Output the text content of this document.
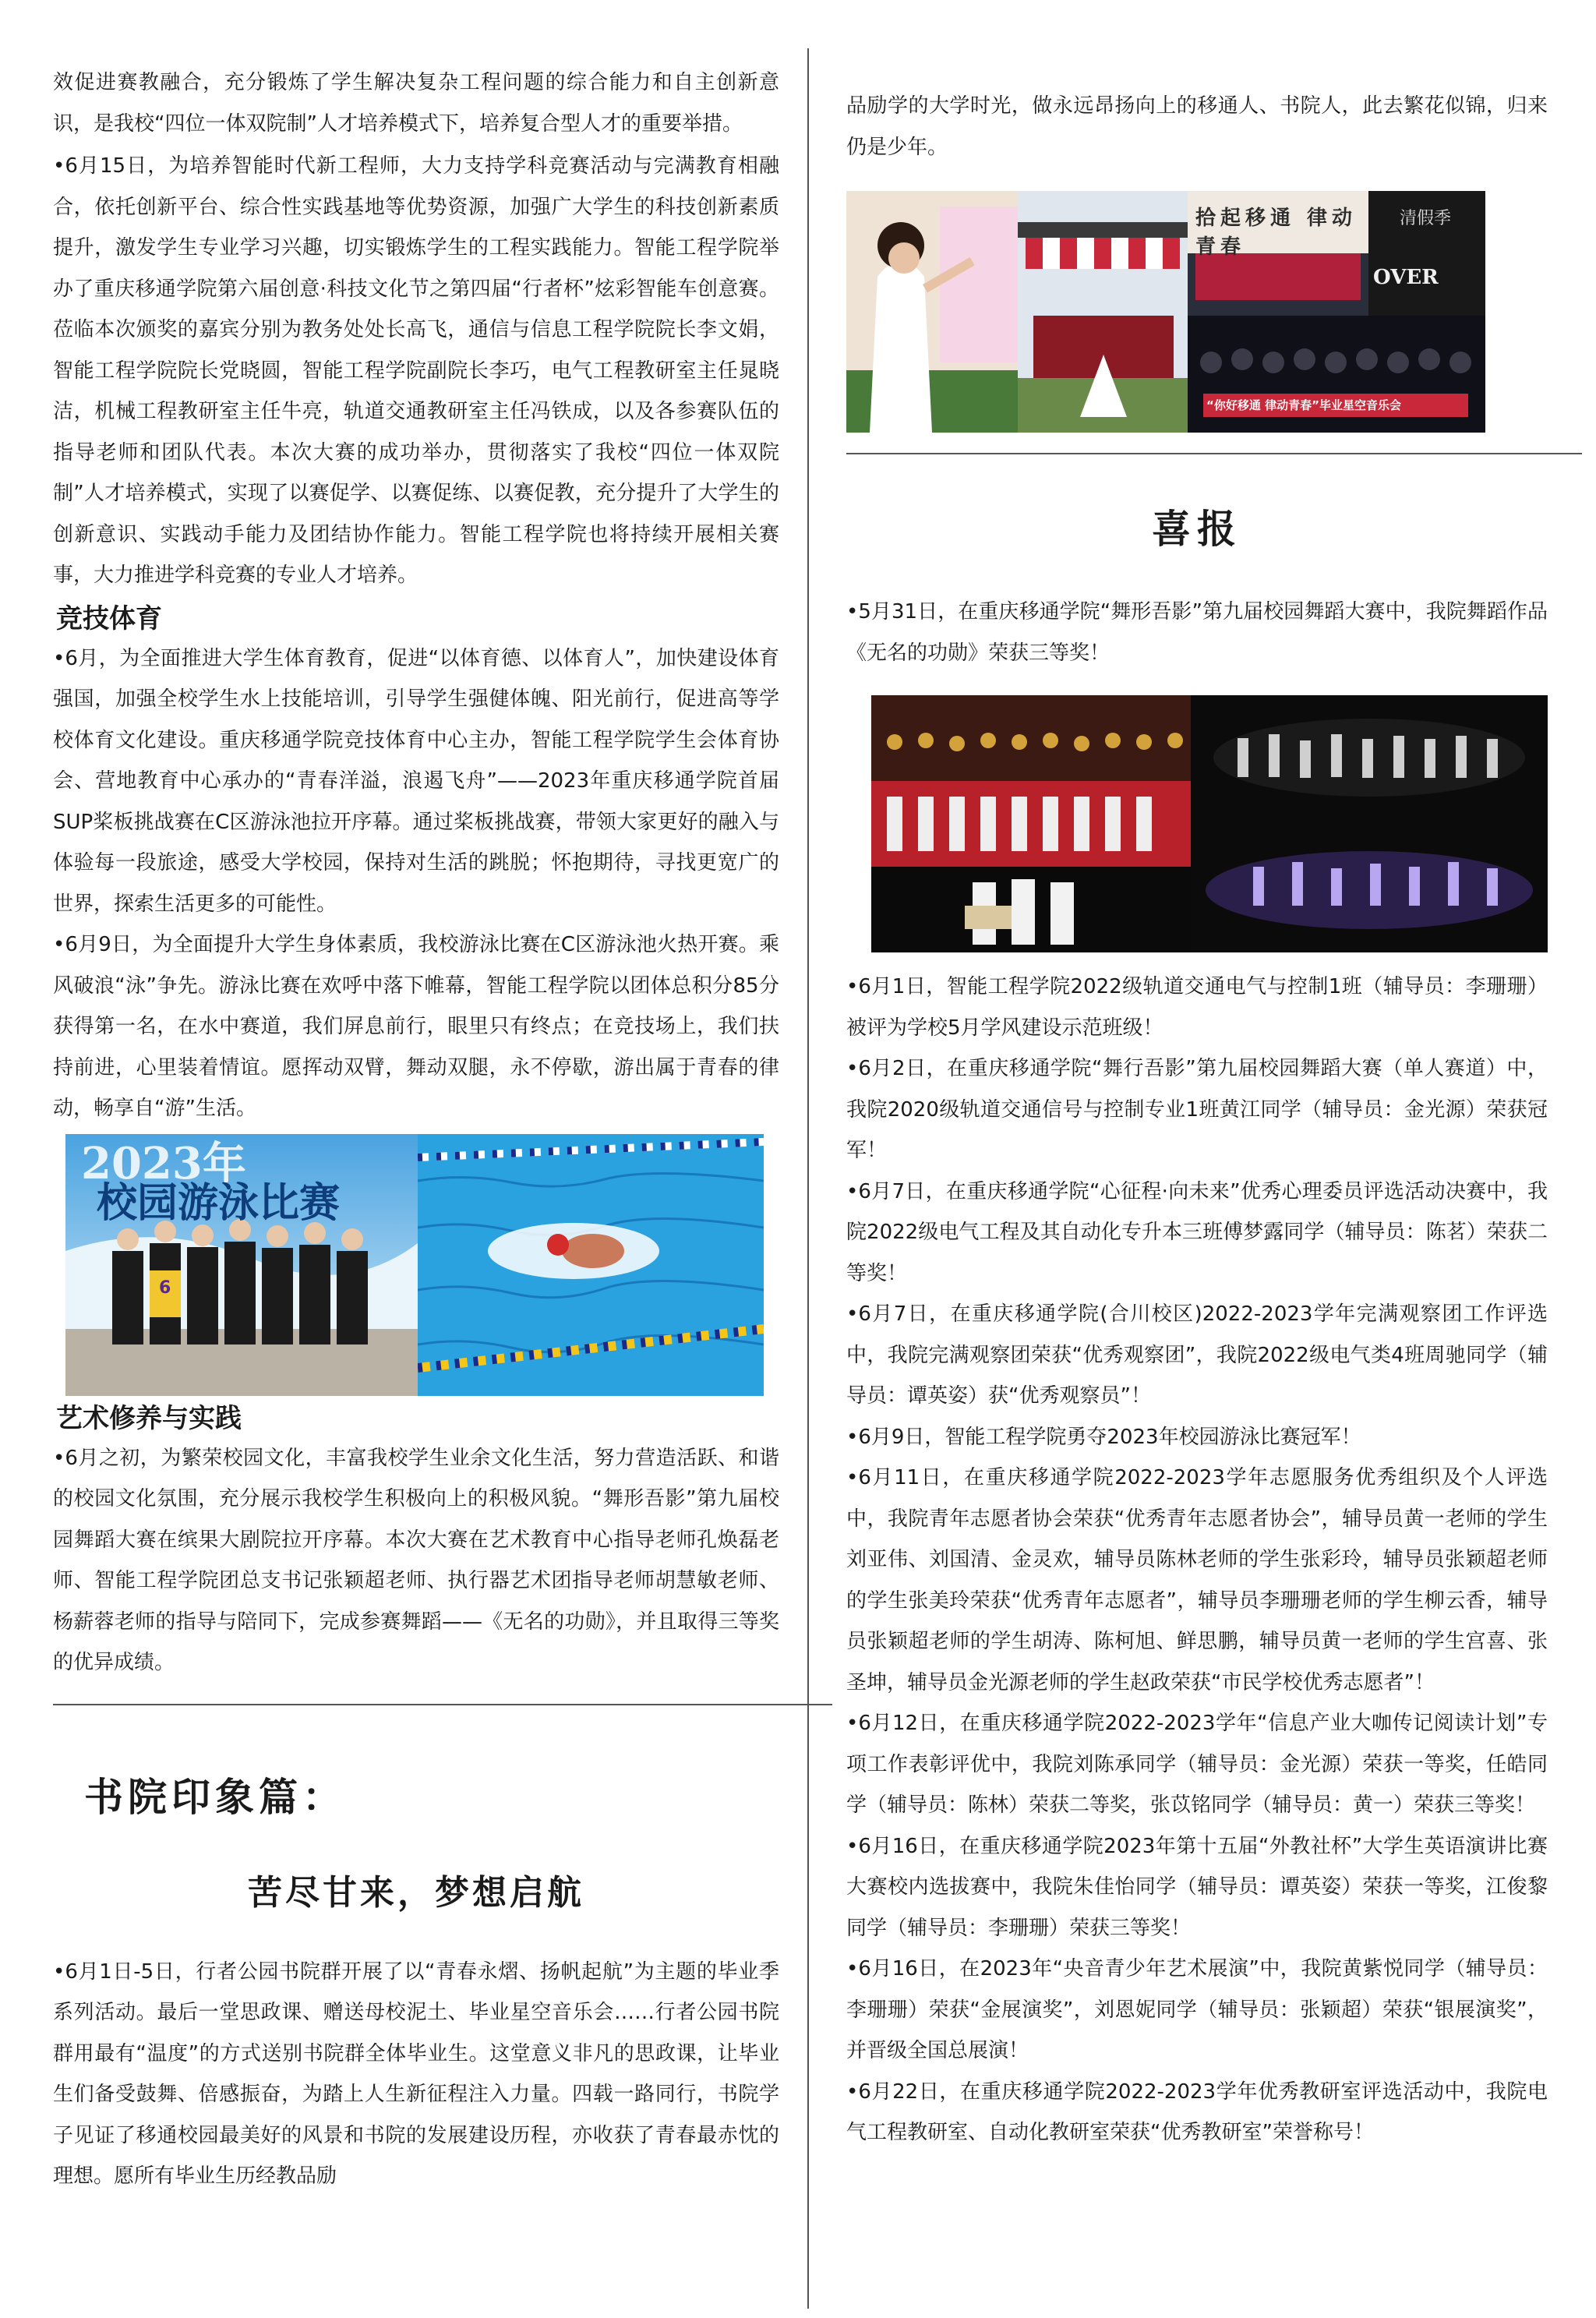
效促进赛教融合，充分锻炼了学生解决复杂工程问题的综合能力和自主创新意识，是我校“四位一体双院制”人才培养模式下，培养复合型人才的重要举措。

•6月15日，为培养智能时代新工程师，大力支持学科竞赛活动与完满教育相融合，依托创新平台、综合性实践基地等优势资源，加强广大学生的科技创新素质提升，激发学生专业学习兴趣，切实锻炼学生的工程实践能力。智能工程学院举办了重庆移通学院第六届创意·科技文化节之第四届“行者杯”炫彩智能车创意赛。莅临本次颁奖的嘉宾分别为教务处处长高飞，通信与信息工程学院院长李文娟，智能工程学院院长党晓圆，智能工程学院副院长李巧，电气工程教研室主任晁晓洁，机械工程教研室主任牛亮，轨道交通教研室主任冯铁成，以及各参赛队伍的指导老师和团队代表。本次大赛的成功举办，贯彻落实了我校“四位一体双院制”人才培养模式，实现了以赛促学、以赛促练、以赛促教，充分提升了大学生的创新意识、实践动手能力及团结协作能力。智能工程学院也将持续开展相关赛事，大力推进学科竞赛的专业人才培养。

竞技体育

•6月，为全面推进大学生体育教育，促进“以体育德、以体育人”，加快建设体育强国，加强全校学生水上技能培训，引导学生强健体魄、阳光前行，促进高等学校体育文化建设。重庆移通学院竞技体育中心主办，智能工程学院学生会体育协会、营地教育中心承办的“青春洋溢，浪遏飞舟”——2023年重庆移通学院首届SUP桨板挑战赛在C区游泳池拉开序幕。通过桨板挑战赛，带领大家更好的融入与体验每一段旅途，感受大学校园，保持对生活的跳脱；怀抱期待，寻找更宽广的世界，探索生活更多的可能性。

•6月9日，为全面提升大学生身体素质，我校游泳比赛在C区游泳池火热开赛。乘风破浪“泳”争先。游泳比赛在欢呼中落下帷幕，智能工程学院以团体总积分85分获得第一名，在水中赛道，我们屏息前行，眼里只有终点；在竞技场上，我们扶持前进，心里装着情谊。愿挥动双臂，舞动双腿，永不停歇，游出属于青春的律动，畅享自“游”生活。

2023年
校园游泳比赛
6
艺术修养与实践

•6月之初，为繁荣校园文化，丰富我校学生业余文化生活，努力营造活跃、和谐的校园文化氛围，充分展示我校学生积极向上的积极风貌。“舞形吾影”第九届校园舞蹈大赛在缤果大剧院拉开序幕。本次大赛在艺术教育中心指导老师孔焕磊老师、智能工程学院团总支书记张颖超老师、执行器艺术团指导老师胡慧敏老师、杨薪蓉老师的指导与陪同下，完成参赛舞蹈——《无名的功勋》，并且取得三等奖的优异成绩。

书院印象篇：
苦尽甘来，梦想启航

•6月1日-5日，行者公园书院群开展了以“青春永熠、扬帆起航”为主题的毕业季系列活动。最后一堂思政课、赠送母校泥土、毕业星空音乐会……行者公园书院群用最有“温度”的方式送别书院群全体毕业生。这堂意义非凡的思政课，让毕业生们备受鼓舞、倍感振奋，为踏上人生新征程注入力量。四载一路同行，书院学子见证了移通校园最美好的风景和书院的发展建设历程，亦收获了青春最赤忱的理想。愿所有毕业生历经教品励

品励学的大学时光，做永远昂扬向上的移通人、书院人，此去繁花似锦，归来仍是少年。

拾起移通 律动青春
清假季
OVER
“你好移通 律动青春”毕业星空音乐会
喜报

•5月31日，在重庆移通学院“舞形吾影”第九届校园舞蹈大赛中，我院舞蹈作品《无名的功勋》荣获三等奖！

•6月1日，智能工程学院2022级轨道交通电气与控制1班（辅导员：李珊珊）被评为学校5月学风建设示范班级！

•6月2日，在重庆移通学院“舞行吾影”第九届校园舞蹈大赛（单人赛道）中，我院2020级轨道交通信号与控制专业1班黄江同学（辅导员：金光源）荣获冠军！

•6月7日，在重庆移通学院“心征程·向未来”优秀心理委员评选活动决赛中，我院2022级电气工程及其自动化专升本三班傅梦露同学（辅导员：陈茗）荣获二等奖！

•6月7日，在重庆移通学院(合川校区)2022-2023学年完满观察团工作评选中，我院完满观察团荣获“优秀观察团”，我院2022级电气类4班周驰同学（辅导员：谭英姿）获“优秀观察员”！

•6月9日，智能工程学院勇夺2023年校园游泳比赛冠军！

•6月11日，在重庆移通学院2022-2023学年志愿服务优秀组织及个人评选中，我院青年志愿者协会荣获“优秀青年志愿者协会”，辅导员黄一老师的学生刘亚伟、刘国清、金灵欢，辅导员陈林老师的学生张彩玲，辅导员张颖超老师的学生张美玲荣获“优秀青年志愿者”，辅导员李珊珊老师的学生柳云香，辅导员张颖超老师的学生胡涛、陈柯旭、鲜思鹏，辅导员黄一老师的学生宫喜、张圣坤，辅导员金光源老师的学生赵政荣获“市民学校优秀志愿者”！

•6月12日，在重庆移通学院2022-2023学年“信息产业大咖传记阅读计划”专项工作表彰评优中，我院刘陈承同学（辅导员：金光源）荣获一等奖，任皓同学（辅导员：陈林）荣获二等奖，张苡铭同学（辅导员：黄一）荣获三等奖！

•6月16日，在重庆移通学院2023年第十五届“外教社杯”大学生英语演讲比赛大赛校内选拔赛中，我院朱佳怡同学（辅导员：谭英姿）荣获一等奖，江俊黎同学（辅导员：李珊珊）荣获三等奖！

•6月16日，在2023年“央音青少年艺术展演”中，我院黄紫悦同学（辅导员：李珊珊）荣获“金展演奖”，刘恩妮同学（辅导员：张颖超）荣获“银展演奖”，并晋级全国总展演！

•6月22日，在重庆移通学院2022-2023学年优秀教研室评选活动中，我院电气工程教研室、自动化教研室荣获“优秀教研室”荣誉称号！
